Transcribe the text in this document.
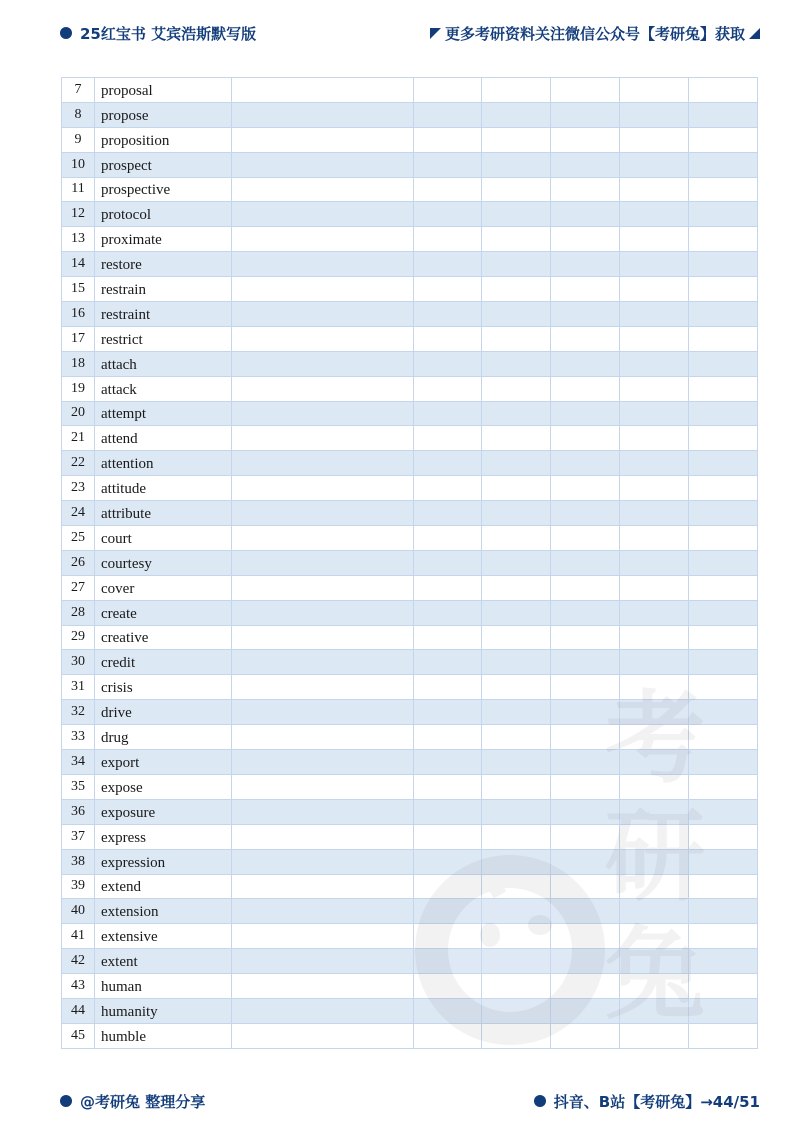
25红宝书 艾宾浩斯默写版	更多考研资料关注微信公众号【考研兔】获取
7	proposal						
8	propose						
9	proposition						
10	prospect						
11	prospective						
12	protocol						
13	proximate						
14	restore						
15	restrain						
16	restraint						
17	restrict						
18	attach						
19	attack						
20	attempt						
21	attend						
22	attention						
23	attitude						
24	attribute						
25	court						
26	courtesy						
27	cover						
28	create						
29	creative						
30	credit						
31	crisis						
32	drive						
33	drug						
34	export						
35	expose						
36	exposure						
37	express						
38	expression						
39	extend						
40	extension						
41	extensive						
42	extent						
43	human						
44	humanity						
45	humble						
考 兔
@考研兔 整理分享	抖音、B站【考研兔】→44/51
